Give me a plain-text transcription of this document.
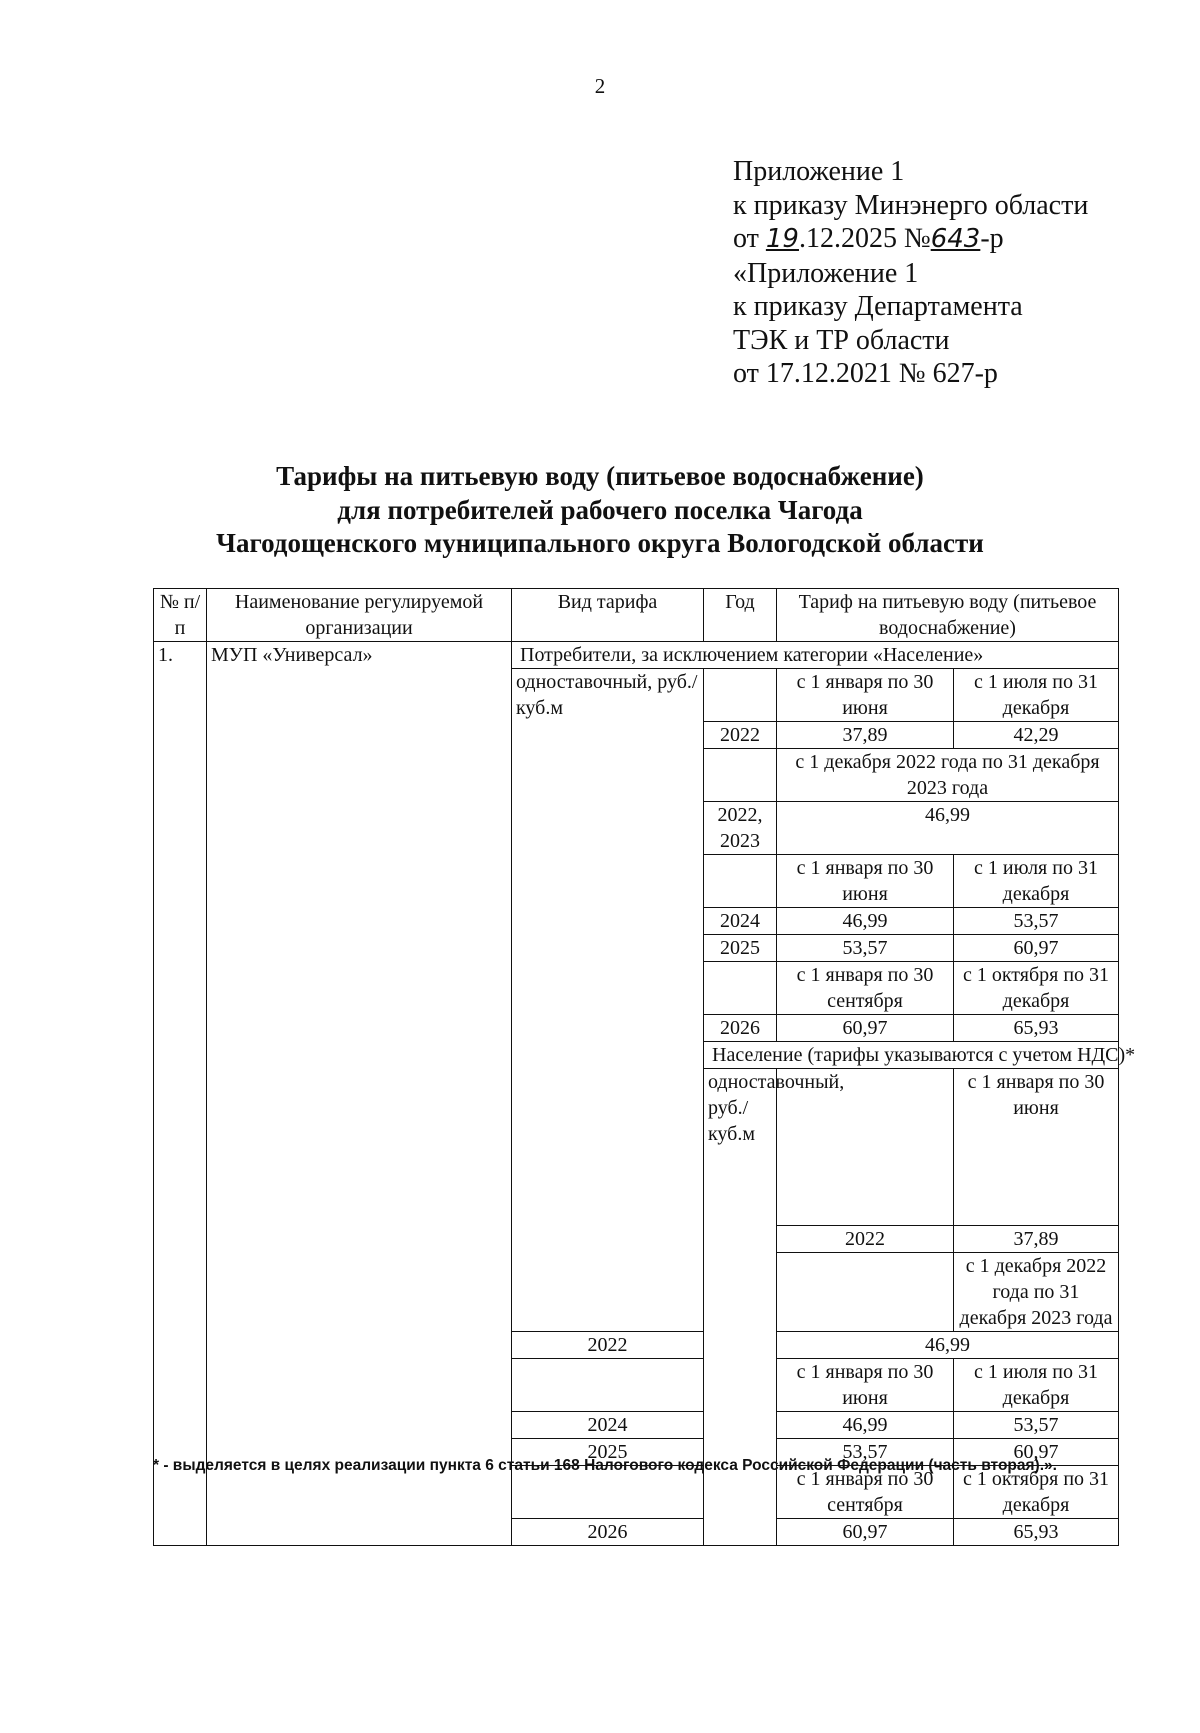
2
Приложение 1
к приказу Минэнерго области
от 19.12.2025 №643-р
«Приложение 1
к приказу Департамента
ТЭК и ТР области
от 17.12.2021 № 627-р
Тарифы на питьевую воду (питьевое водоснабжение)
для потребителей рабочего поселка Чагода
Чагодощенского муниципального округа Вологодской области
№ п/п	Наименование регулируемой организации	Вид тарифа	Год	Тариф на питьевую воду (питьевое водоснабжение)		
1.	МУП «Универсал»	Потребители, за исключением категории «Население»				
		одноставочный, руб./куб.м		с 1 января по 30 июня	с 1 июля по 31 декабря	
			2022	37,89	42,29	
				с 1 декабря 2022 года по 31 декабря 2023 года		
			2022, 2023	46,99		
				с 1 января по 30 июня	с 1 июля по 31 декабря	
			2024	46,99	53,57	
			2025	53,57	60,97	
				с 1 января по 30 сентября	с 1 октября по 31 декабря	
			2026	60,97	65,93	
			Население (тарифы указываются с учетом НДС)*			
			одноставочный, руб./куб.м		с 1 января по 30 июня	
				2022	37,89	
					с 1 декабря 2022 года по 31 декабря 2023 года	
		2022		46,99		
				с 1 января по 30 июня	с 1 июля по 31 декабря	
		2024		46,99	53,57	
		2025		53,57	60,97	
				с 1 января по 30 сентября	с 1 октября по 31 декабря	
		2026		60,97	65,93	
* - выделяется в целях реализации пункта 6 статьи 168 Налогового кодекса Российской Федерации (часть вторая).».
